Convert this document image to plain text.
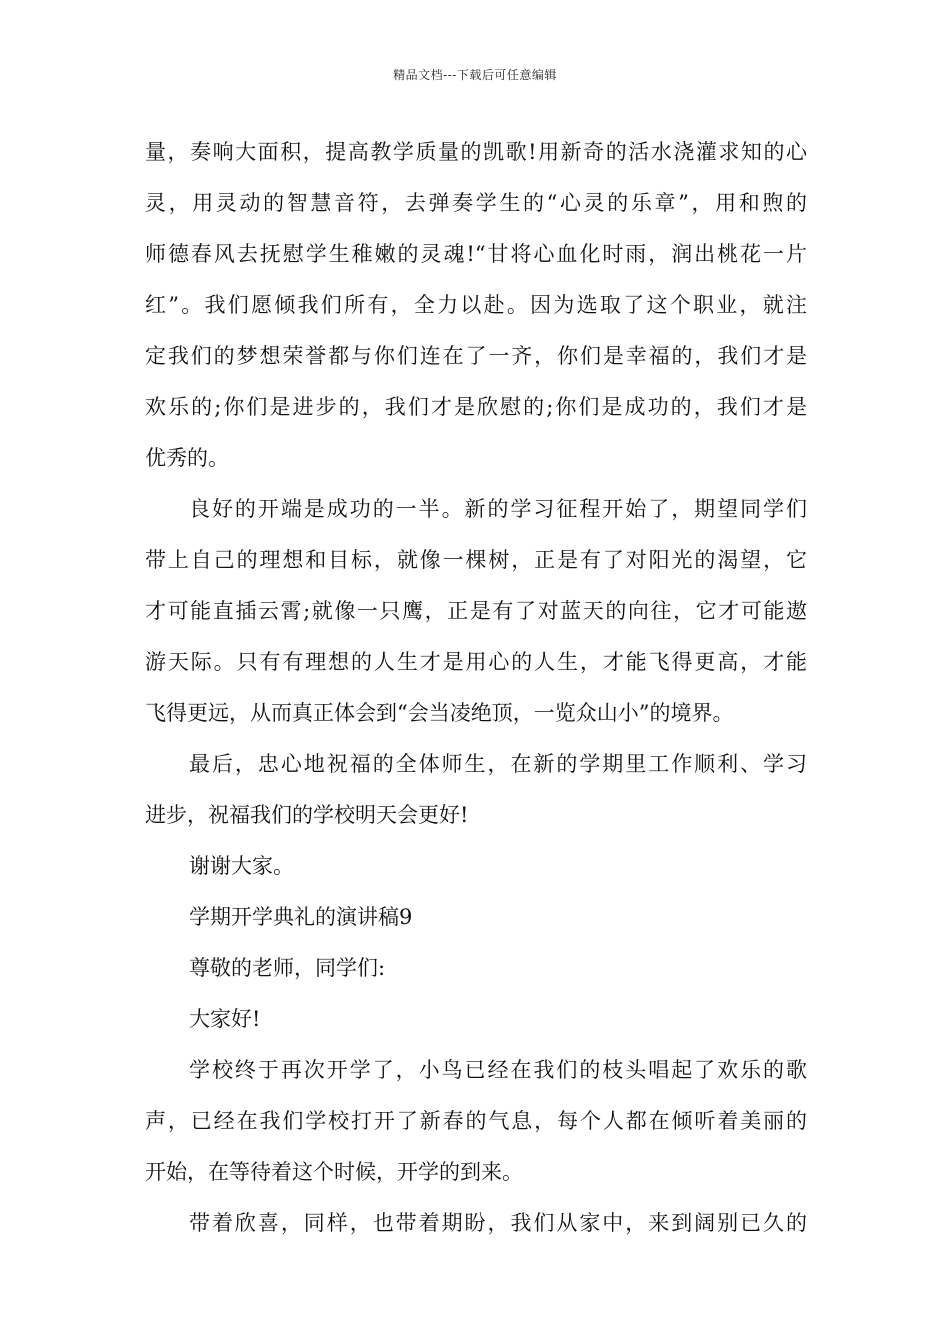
精品文档---下载后可任意编辑
量，奏响大面积，提高教学质量的凯歌!用新奇的活水浇灌求知的心
灵，用灵动的智慧音符，去弹奏学生的“心灵的乐章”，用和煦的
师德春风去抚慰学生稚嫩的灵魂!“甘将心血化时雨，润出桃花一片
红”。我们愿倾我们所有，全力以赴。因为选取了这个职业，就注
定我们的梦想荣誉都与你们连在了一齐，你们是幸福的，我们才是
欢乐的;你们是进步的，我们才是欣慰的;你们是成功的，我们才是
优秀的。
良好的开端是成功的一半。新的学习征程开始了，期望同学们
带上自己的理想和目标，就像一棵树，正是有了对阳光的渴望，它
才可能直插云霄;就像一只鹰，正是有了对蓝天的向往，它才可能遨
游天际。只有有理想的人生才是用心的人生，才能飞得更高，才能
飞得更远，从而真正体会到“会当凌绝顶，一览众山小”的境界。
最后，忠心地祝福的全体师生，在新的学期里工作顺利、学习
进步，祝福我们的学校明天会更好!
谢谢大家。
学期开学典礼的演讲稿9
尊敬的老师，同学们:
大家好!
学校终于再次开学了，小鸟已经在我们的枝头唱起了欢乐的歌
声，已经在我们学校打开了新春的气息，每个人都在倾听着美丽的
开始，在等待着这个时候，开学的到来。
带着欣喜，同样，也带着期盼，我们从家中，来到阔别已久的
